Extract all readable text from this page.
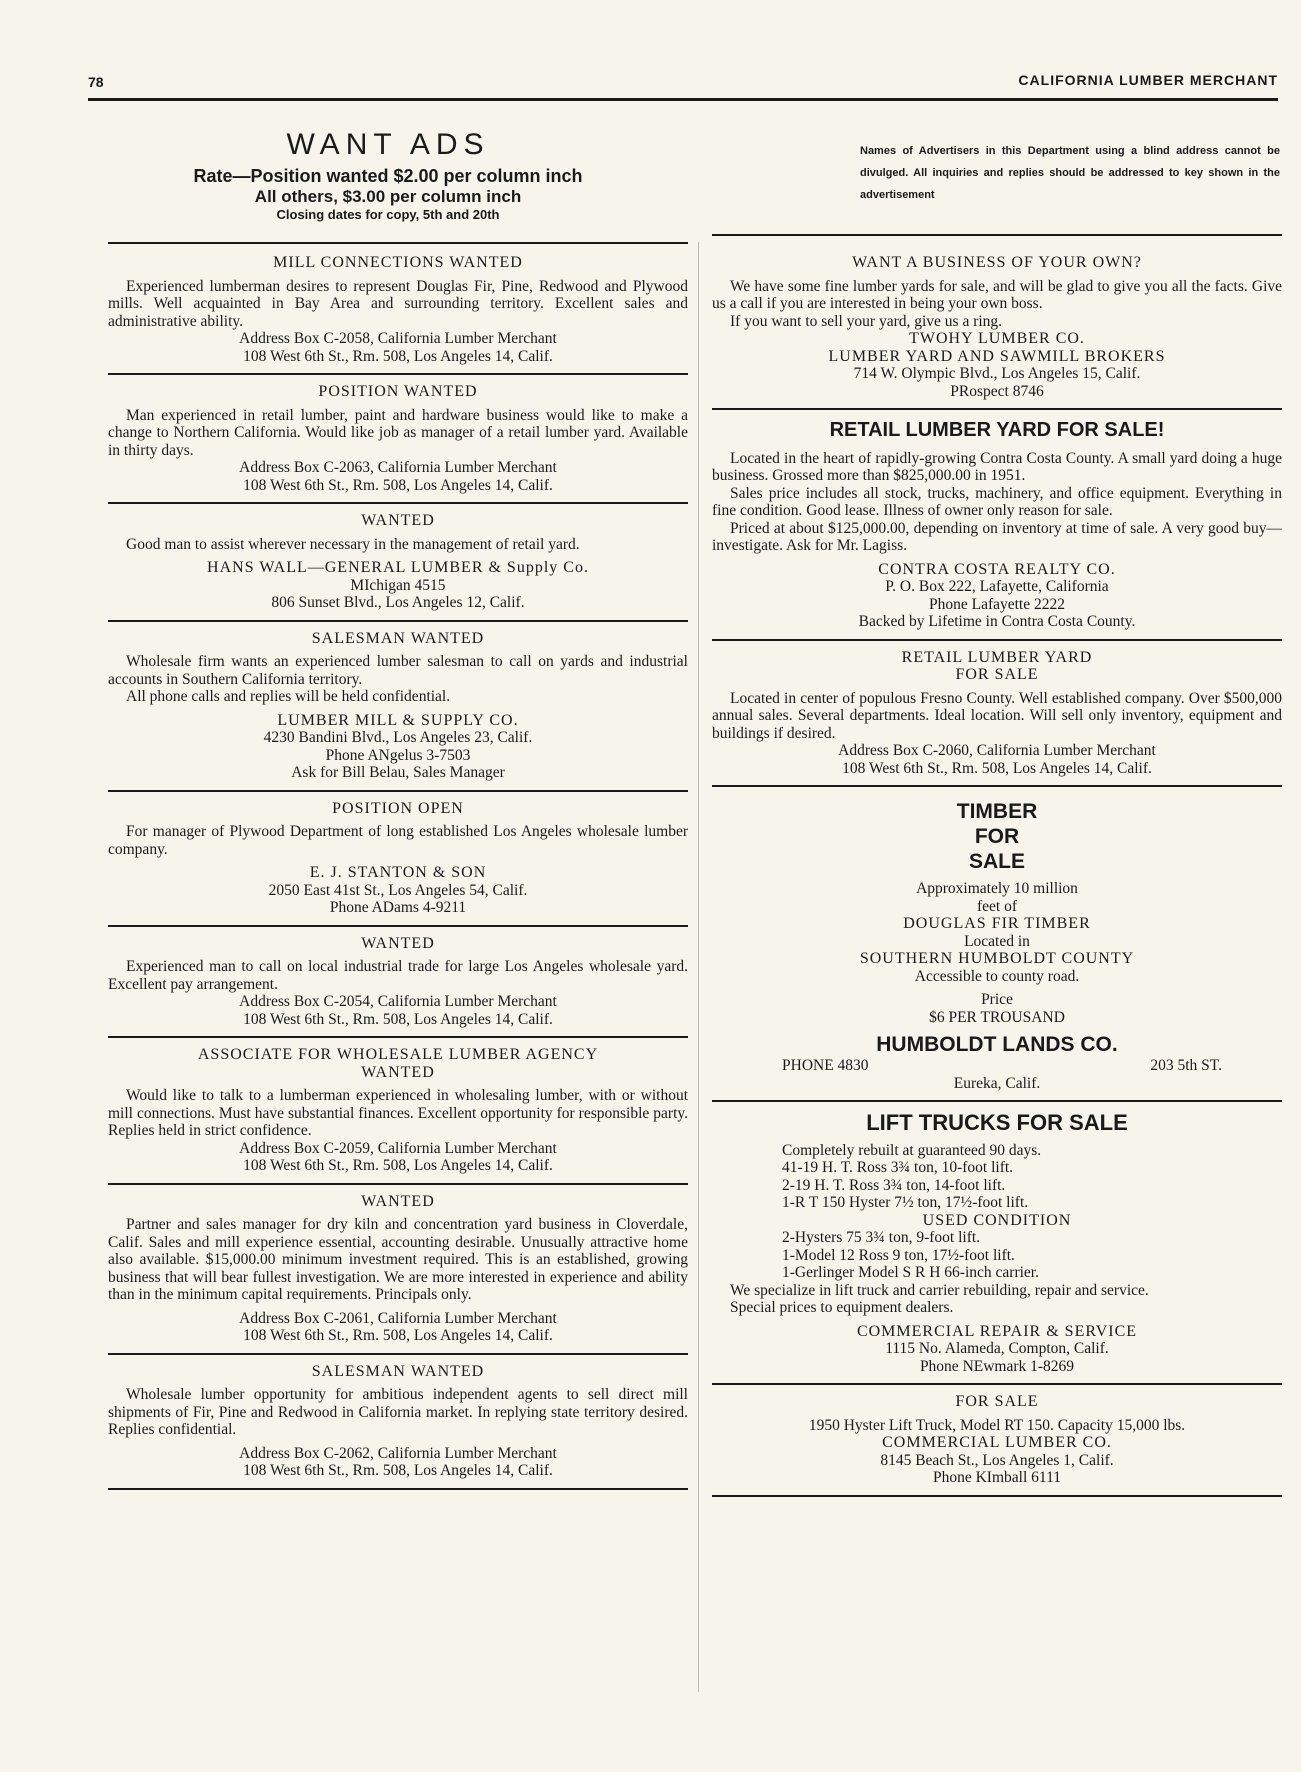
78	CALIFORNIA LUMBER MERCHANT
WANT ADS
Rate—Position wanted $2.00 per column inch
All others, $3.00 per column inch
Closing dates for copy, 5th and 20th
Names of Advertisers in this Department using a blind address cannot be divulged. All inquiries and replies should be addressed to key shown in the advertisement
MILL CONNECTIONS WANTED
Experienced lumberman desires to represent Douglas Fir, Pine, Redwood and Plywood mills. Well acquainted in Bay Area and surrounding territory. Excellent sales and administrative ability.
Address Box C-2058, California Lumber Merchant
108 West 6th St., Rm. 508, Los Angeles 14, Calif.
POSITION WANTED
Man experienced in retail lumber, paint and hardware business would like to make a change to Northern California. Would like job as manager of a retail lumber yard. Available in thirty days.
Address Box C-2063, California Lumber Merchant
108 West 6th St., Rm. 508, Los Angeles 14, Calif.
WANTED
Good man to assist wherever necessary in the management of retail yard.
HANS WALL—GENERAL LUMBER & Supply Co.
MIchigan 4515
806 Sunset Blvd., Los Angeles 12, Calif.
SALESMAN WANTED
Wholesale firm wants an experienced lumber salesman to call on yards and industrial accounts in Southern California territory.
All phone calls and replies will be held confidential.
LUMBER MILL & SUPPLY CO.
4230 Bandini Blvd., Los Angeles 23, Calif.
Phone ANgelus 3-7503
Ask for Bill Belau, Sales Manager
POSITION OPEN
For manager of Plywood Department of long established Los Angeles wholesale lumber company.
E. J. STANTON & SON
2050 East 41st St., Los Angeles 54, Calif.
Phone ADams 4-9211
WANTED
Experienced man to call on local industrial trade for large Los Angeles wholesale yard. Excellent pay arrangement.
Address Box C-2054, California Lumber Merchant
108 West 6th St., Rm. 508, Los Angeles 14, Calif.
ASSOCIATE FOR WHOLESALE LUMBER AGENCY
WANTED
Would like to talk to a lumberman experienced in wholesaling lumber, with or without mill connections. Must have substantial finances. Excellent opportunity for responsible party. Replies held in strict confidence.
Address Box C-2059, California Lumber Merchant
108 West 6th St., Rm. 508, Los Angeles 14, Calif.
WANTED
Partner and sales manager for dry kiln and concentration yard business in Cloverdale, Calif. Sales and mill experience essential, accounting desirable. Unusually attractive home also available. $15,000.00 minimum investment required. This is an established, growing business that will bear fullest investigation. We are more interested in experience and ability than in the minimum capital requirements. Principals only.
Address Box C-2061, California Lumber Merchant
108 West 6th St., Rm. 508, Los Angeles 14, Calif.
SALESMAN WANTED
Wholesale lumber opportunity for ambitious independent agents to sell direct mill shipments of Fir, Pine and Redwood in California market. In replying state territory desired. Replies confidential.
Address Box C-2062, California Lumber Merchant
108 West 6th St., Rm. 508, Los Angeles 14, Calif.
WANT A BUSINESS OF YOUR OWN?
We have some fine lumber yards for sale, and will be glad to give you all the facts. Give us a call if you are interested in being your own boss.
If you want to sell your yard, give us a ring.
TWOHY LUMBER CO.
LUMBER YARD AND SAWMILL BROKERS
714 W. Olympic Blvd., Los Angeles 15, Calif.
PRospect 8746
RETAIL LUMBER YARD FOR SALE!
Located in the heart of rapidly-growing Contra Costa County. A small yard doing a huge business. Grossed more than $825,000.00 in 1951.
Sales price includes all stock, trucks, machinery, and office equipment. Everything in fine condition. Good lease. Illness of owner only reason for sale.
Priced at about $125,000.00, depending on inventory at time of sale. A very good buy—investigate. Ask for Mr. Lagiss.
CONTRA COSTA REALTY CO.
P. O. Box 222, Lafayette, California
Phone Lafayette 2222
Backed by Lifetime in Contra Costa County.
RETAIL LUMBER YARD
FOR SALE
Located in center of populous Fresno County. Well established company. Over $500,000 annual sales. Several departments. Ideal location. Will sell only inventory, equipment and buildings if desired.
Address Box C-2060, California Lumber Merchant
108 West 6th St., Rm. 508, Los Angeles 14, Calif.
TIMBER
FOR
SALE
Approximately 10 million
feet of
DOUGLAS FIR TIMBER
Located in
SOUTHERN HUMBOLDT COUNTY
Accessible to county road.
Price
$6 PER TROUSAND
HUMBOLDT LANDS CO.
PHONE 4830	203 5th ST.
Eureka, Calif.
LIFT TRUCKS FOR SALE
Completely rebuilt at guaranteed 90 days.
41-19 H. T. Ross 3¾ ton, 10-foot lift.
2-19 H. T. Ross 3¾ ton, 14-foot lift.
1-R T 150 Hyster 7½ ton, 17½-foot lift.
USED CONDITION
2-Hysters 75 3¾ ton, 9-foot lift.
1-Model 12 Ross 9 ton, 17½-foot lift.
1-Gerlinger Model S R H 66-inch carrier.
We specialize in lift truck and carrier rebuilding, repair and service.
Special prices to equipment dealers.
COMMERCIAL REPAIR & SERVICE
1115 No. Alameda, Compton, Calif.
Phone NEwmark 1-8269
FOR SALE
1950 Hyster Lift Truck, Model RT 150. Capacity 15,000 lbs.
COMMERCIAL LUMBER CO.
8145 Beach St., Los Angeles 1, Calif.
Phone KImball 6111
